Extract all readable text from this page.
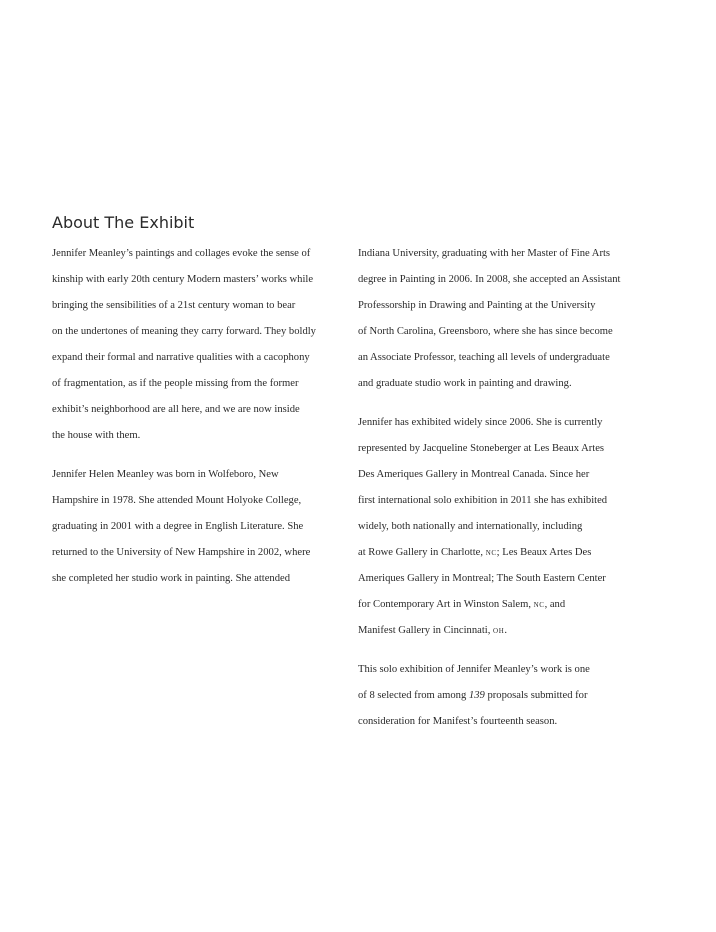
About The Exhibit

Jennifer Meanley’s paintings and collages evoke the sense of
kinship with early 20th century Modern masters’ works while
bringing the sensibilities of a 21st century woman to bear
on the undertones of meaning they carry forward. They boldly
expand their formal and narrative qualities with a cacophony
of fragmentation, as if the people missing from the former
exhibit’s neighborhood are all here, and we are now inside
the house with them.

Jennifer Helen Meanley was born in Wolfeboro, New
Hampshire in 1978. She attended Mount Holyoke College,
graduating in 2001 with a degree in English Literature. She
returned to the University of New Hampshire in 2002, where
she completed her studio work in painting. She attended

Indiana University, graduating with her Master of Fine Arts
degree in Painting in 2006. In 2008, she accepted an Assistant
Professorship in Drawing and Painting at the University
of North Carolina, Greensboro, where she has since become
an Associate Professor, teaching all levels of undergraduate
and graduate studio work in painting and drawing.

Jennifer has exhibited widely since 2006. She is currently
represented by Jacqueline Stoneberger at Les Beaux Artes
Des Ameriques Gallery in Montreal Canada. Since her
first international solo exhibition in 2011 she has exhibited
widely, both nationally and internationally, including
at Rowe Gallery in Charlotte, nc; Les Beaux Artes Des
Ameriques Gallery in Montreal; The South Eastern Center
for Contemporary Art in Winston Salem, nc, and
Manifest Gallery in Cincinnati, oh.

This solo exhibition of Jennifer Meanley’s work is one
of 8 selected from among 139 proposals submitted for
consideration for Manifest’s fourteenth season.
